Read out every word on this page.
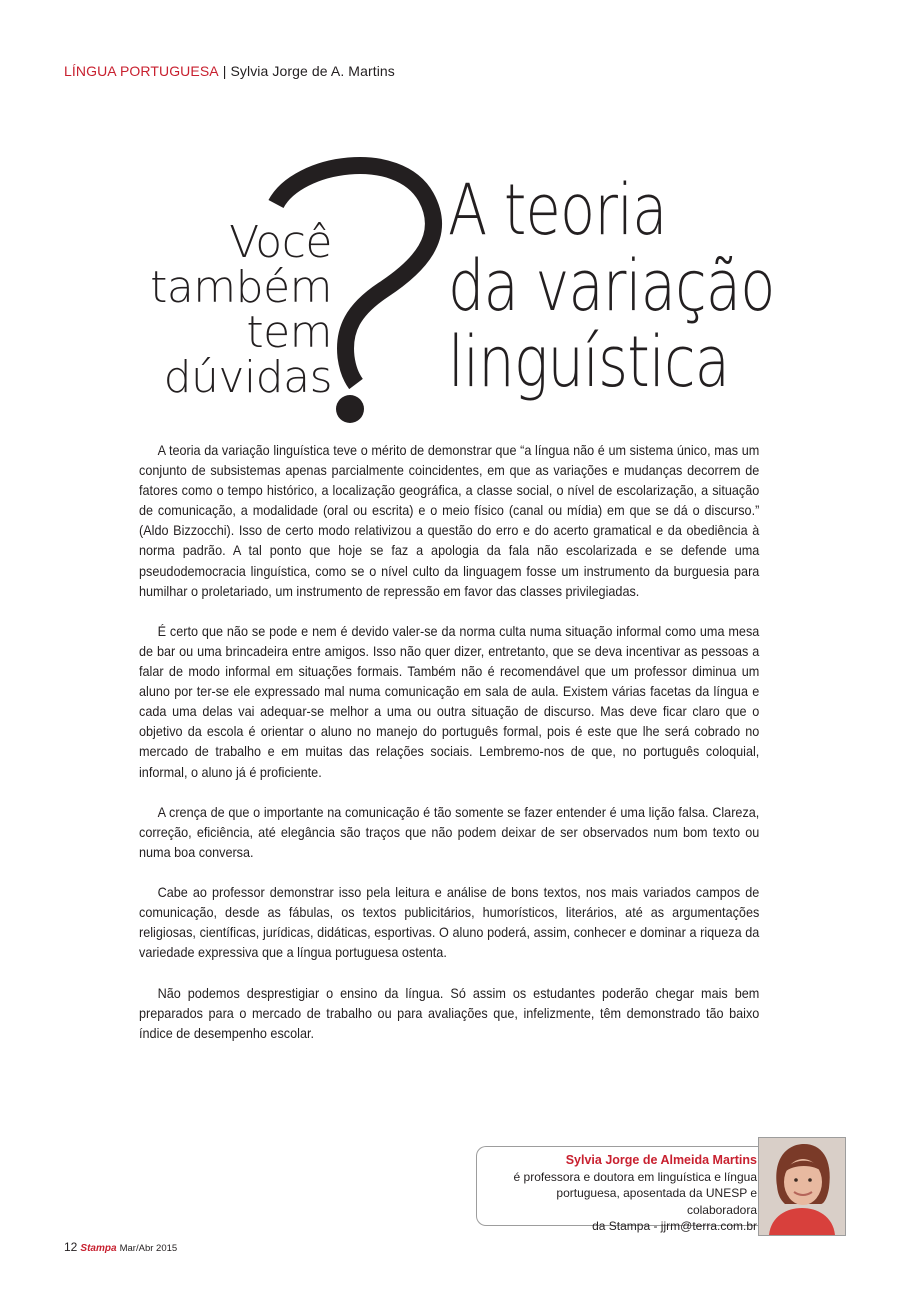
LÍNGUA PORTUGUESA | Sylvia Jorge de A. Martins
Você
também
tem
dúvidas
A teoria
da variação
linguística

A teoria da variação linguística teve o mérito de demonstrar que “a língua não é um sistema único, mas um conjunto de subsistemas apenas parcialmente coincidentes, em que as variações e mudanças decorrem de fatores como o tempo histórico, a localização geográfica, a classe social, o nível de escolarização, a situação de comunicação, a modalidade (oral ou escrita) e o meio físico (canal ou mídia) em que se dá o discurso.” (Aldo Bizzocchi). Isso de certo modo relativizou a questão do erro e do acerto gramatical e da obediência à norma padrão. A tal ponto que hoje se faz a apologia da fala não escolarizada e se defende uma pseudodemocracia linguística, como se o nível culto da linguagem fosse um instrumento da burguesia para humilhar o proletariado, um instrumento de repressão em favor das classes privilegiadas.

É certo que não se pode e nem é devido valer-se da norma culta numa situação informal como uma mesa de bar ou uma brincadeira entre amigos. Isso não quer dizer, entretanto, que se deva incentivar as pessoas a falar de modo informal em situações formais. Também não é recomendável que um professor diminua um aluno por ter-se ele expressado mal numa comunicação em sala de aula. Existem várias facetas da língua e cada uma delas vai adequar-se melhor a uma ou outra situação de discurso. Mas deve ficar claro que o objetivo da escola é orientar o aluno no manejo do português formal, pois é este que lhe será cobrado no mercado de trabalho e em muitas das relações sociais. Lembremo-nos de que, no português coloquial, informal, o aluno já é proficiente.

A crença de que o importante na comunicação é tão somente se fazer entender é uma lição falsa. Clareza, correção, eficiência, até elegância são traços que não podem deixar de ser observados num bom texto ou numa boa conversa.

Cabe ao professor demonstrar isso pela leitura e análise de bons textos, nos mais variados campos de comunicação, desde as fábulas, os textos publicitários, humorísticos, literários, até as argumentações religiosas, científicas, jurídicas, didáticas, esportivas. O aluno poderá, assim, conhecer e dominar a riqueza da variedade expressiva que a língua portuguesa ostenta.

Não podemos desprestigiar o ensino da língua. Só assim os estudantes poderão chegar mais bem preparados para o mercado de trabalho ou para avaliações que, infelizmente, têm demonstrado tão baixo índice de desempenho escolar.

Sylvia Jorge de Almeida Martins
é professora e doutora em linguística e língua
portuguesa, aposentada da UNESP e colaboradora
da Stampa - jjrm@terra.com.br
12 Stampa Mar/Abr 2015
